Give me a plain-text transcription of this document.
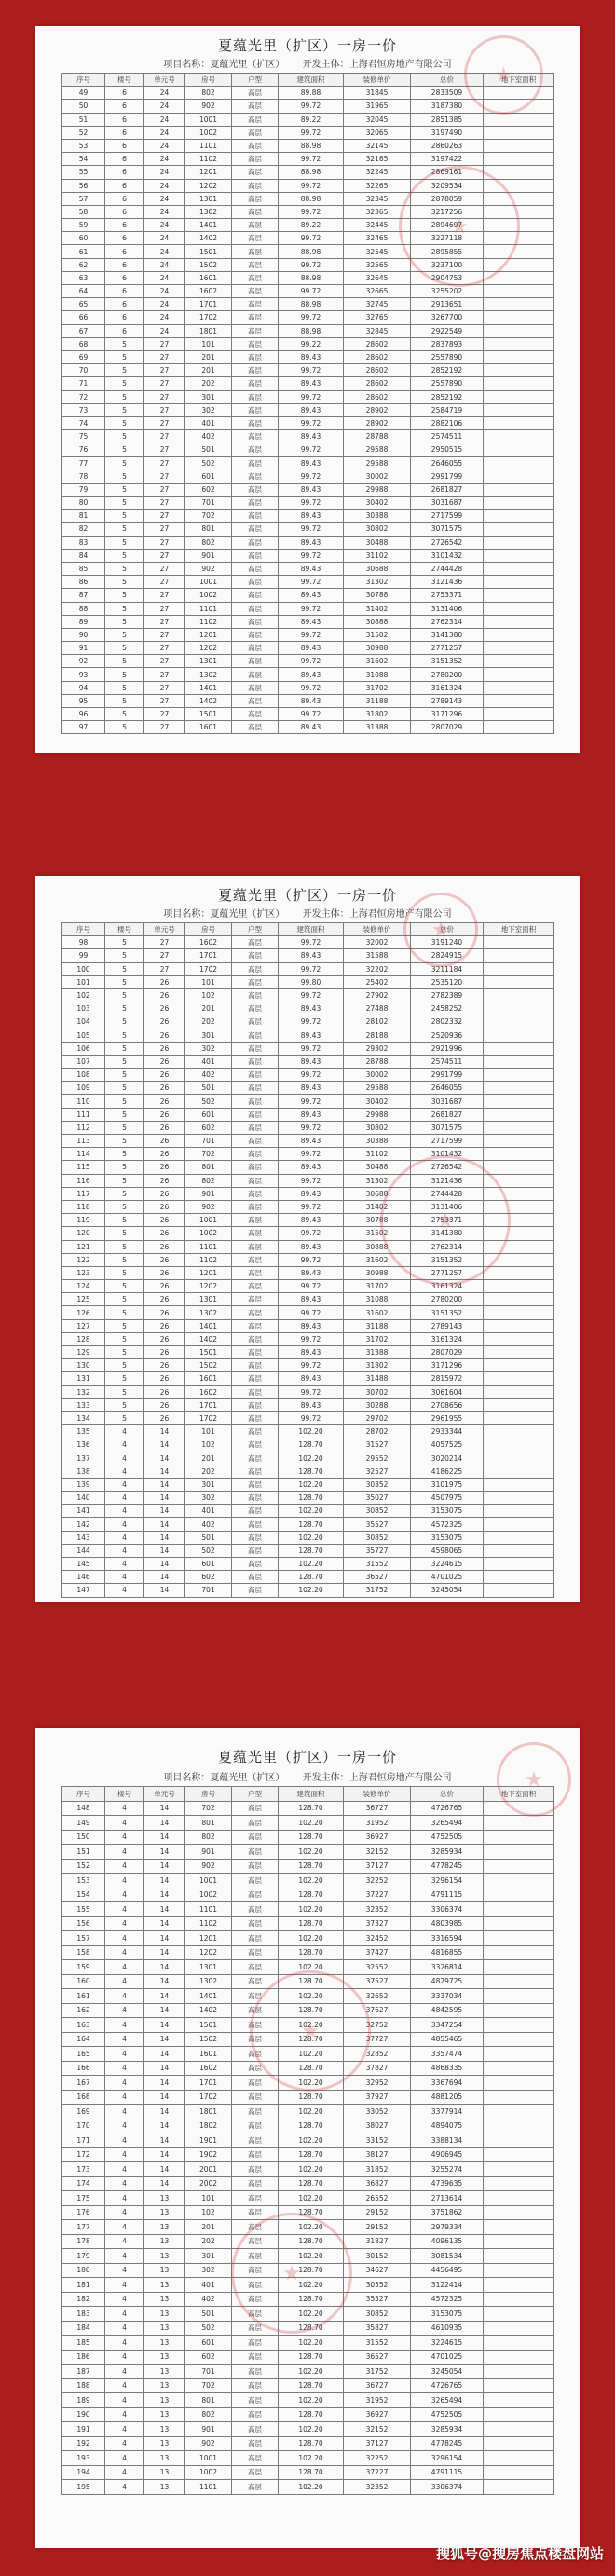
夏蕴光里（扩区）一房一价
项目名称：夏蕴光里（扩区） 开发主体：上海君恒房地产有限公司
序号	楼号	单元号	房号	户型	建筑面积	装修单价	总价	地下室面积
49	6	24	802	高层	89.88	31845	2833509	
50	6	24	902	高层	99.72	31965	3187380	
51	6	24	1001	高层	89.22	32045	2851385	
52	6	24	1002	高层	99.72	32065	3197490	
53	6	24	1101	高层	88.98	32145	2860263	
54	6	24	1102	高层	99.72	32165	3197422	
55	6	24	1201	高层	88.98	32245	2869161	
56	6	24	1202	高层	99.72	32265	3209534	
57	6	24	1301	高层	88.98	32345	2878059	
58	6	24	1302	高层	99.72	32365	3217256	
59	6	24	1401	高层	89.22	32445	2894697	
60	6	24	1402	高层	99.72	32465	3227118	
61	6	24	1501	高层	88.98	32545	2895855	
62	6	24	1502	高层	99.72	32565	3237100	
63	6	24	1601	高层	88.98	32645	2904753	
64	6	24	1602	高层	99.72	32665	3255202	
65	6	24	1701	高层	88.98	32745	2913651	
66	6	24	1702	高层	99.72	32765	3267700	
67	6	24	1801	高层	88.98	32845	2922549	
68	5	27	101	高层	99.22	28602	2837893	
69	5	27	201	高层	89.43	28602	2557890	
70	5	27	201	高层	99.72	28602	2852192	
71	5	27	202	高层	89.43	28602	2557890	
72	5	27	301	高层	99.72	28602	2852192	
73	5	27	302	高层	89.43	28902	2584719	
74	5	27	401	高层	99.72	28902	2882106	
75	5	27	402	高层	89.43	28788	2574511	
76	5	27	501	高层	99.72	29588	2950515	
77	5	27	502	高层	89.43	29588	2646055	
78	5	27	601	高层	99.72	30002	2991799	
79	5	27	602	高层	89.43	29988	2681827	
80	5	27	701	高层	99.72	30402	3031687	
81	5	27	702	高层	89.43	30388	2717599	
82	5	27	801	高层	99.72	30802	3071575	
83	5	27	802	高层	89.43	30488	2726542	
84	5	27	901	高层	99.72	31102	3101432	
85	5	27	902	高层	89.43	30688	2744428	
86	5	27	1001	高层	99.72	31302	3121436	
87	5	27	1002	高层	89.43	30788	2753371	
88	5	27	1101	高层	99.72	31402	3131406	
89	5	27	1102	高层	89.43	30888	2762314	
90	5	27	1201	高层	99.72	31502	3141380	
91	5	27	1202	高层	89.43	30988	2771257	
92	5	27	1301	高层	99.72	31602	3151352	
93	5	27	1302	高层	89.43	31088	2780200	
94	5	27	1401	高层	99.72	31702	3161324	
95	5	27	1402	高层	89.43	31188	2789143	
96	5	27	1501	高层	99.72	31802	3171296	
97	5	27	1601	高层	89.43	31388	2807029	
夏蕴光里（扩区）一房一价
项目名称：夏蕴光里（扩区） 开发主体：上海君恒房地产有限公司
序号	楼号	单元号	房号	户型	建筑面积	装修单价	总价	地下室面积
98	5	27	1602	高层	99.72	32002	3191240	
99	5	27	1701	高层	89.43	31588	2824915	
100	5	27	1702	高层	99.72	32202	3211184	
101	5	26	101	高层	99.80	25402	2535120	
102	5	26	102	高层	99.72	27902	2782389	
103	5	26	201	高层	89.43	27488	2458252	
104	5	26	202	高层	99.72	28102	2802332	
105	5	26	301	高层	89.43	28188	2520936	
106	5	26	302	高层	99.72	29302	2921996	
107	5	26	401	高层	89.43	28788	2574511	
108	5	26	402	高层	99.72	30002	2991799	
109	5	26	501	高层	89.43	29588	2646055	
110	5	26	502	高层	99.72	30402	3031687	
111	5	26	601	高层	89.43	29988	2681827	
112	5	26	602	高层	99.72	30802	3071575	
113	5	26	701	高层	89.43	30388	2717599	
114	5	26	702	高层	99.72	31102	3101432	
115	5	26	801	高层	89.43	30488	2726542	
116	5	26	802	高层	99.72	31302	3121436	
117	5	26	901	高层	89.43	30688	2744428	
118	5	26	902	高层	99.72	31402	3131406	
119	5	26	1001	高层	89.43	30788	2753371	
120	5	26	1002	高层	99.72	31502	3141380	
121	5	26	1101	高层	89.43	30888	2762314	
122	5	26	1102	高层	99.72	31602	3151352	
123	5	26	1201	高层	89.43	30988	2771257	
124	5	26	1202	高层	99.72	31702	3161324	
125	5	26	1301	高层	89.43	31088	2780200	
126	5	26	1302	高层	99.72	31602	3151352	
127	5	26	1401	高层	89.43	31188	2789143	
128	5	26	1402	高层	99.72	31702	3161324	
129	5	26	1501	高层	89.43	31388	2807029	
130	5	26	1502	高层	99.72	31802	3171296	
131	5	26	1601	高层	89.43	31488	2815972	
132	5	26	1602	高层	99.72	30702	3061604	
133	5	26	1701	高层	89.43	30288	2708656	
134	5	26	1702	高层	99.72	29702	2961955	
135	4	14	101	高层	102.20	28702	2933344	
136	4	14	102	高层	128.70	31527	4057525	
137	4	14	201	高层	102.20	29552	3020214	
138	4	14	202	高层	128.70	32527	4186225	
139	4	14	301	高层	102.20	30352	3101975	
140	4	14	302	高层	128.70	35027	4507975	
141	4	14	401	高层	102.20	30852	3153075	
142	4	14	402	高层	128.70	35527	4572325	
143	4	14	501	高层	102.20	30852	3153075	
144	4	14	502	高层	128.70	35727	4598065	
145	4	14	601	高层	102.20	31552	3224615	
146	4	14	602	高层	128.70	36527	4701025	
147	4	14	701	高层	102.20	31752	3245054	
夏蕴光里（扩区）一房一价
项目名称：夏蕴光里（扩区） 开发主体：上海君恒房地产有限公司
序号	楼号	单元号	房号	户型	建筑面积	装修单价	总价	地下室面积
148	4	14	702	高层	128.70	36727	4726765	
149	4	14	801	高层	102.20	31952	3265494	
150	4	14	802	高层	128.70	36927	4752505	
151	4	14	901	高层	102.20	32152	3285934	
152	4	14	902	高层	128.70	37127	4778245	
153	4	14	1001	高层	102.20	32252	3296154	
154	4	14	1002	高层	128.70	37227	4791115	
155	4	14	1101	高层	102.20	32352	3306374	
156	4	14	1102	高层	128.70	37327	4803985	
157	4	14	1201	高层	102.20	32452	3316594	
158	4	14	1202	高层	128.70	37427	4816855	
159	4	14	1301	高层	102.20	32552	3326814	
160	4	14	1302	高层	128.70	37527	4829725	
161	4	14	1401	高层	102.20	32652	3337034	
162	4	14	1402	高层	128.70	37627	4842595	
163	4	14	1501	高层	102.20	32752	3347254	
164	4	14	1502	高层	128.70	37727	4855465	
165	4	14	1601	高层	102.20	32852	3357474	
166	4	14	1602	高层	128.70	37827	4868335	
167	4	14	1701	高层	102.20	32952	3367694	
168	4	14	1702	高层	128.70	37927	4881205	
169	4	14	1801	高层	102.20	33052	3377914	
170	4	14	1802	高层	128.70	38027	4894075	
171	4	14	1901	高层	102.20	33152	3388134	
172	4	14	1902	高层	128.70	38127	4906945	
173	4	14	2001	高层	102.20	31852	3255274	
174	4	14	2002	高层	128.70	36827	4739635	
175	4	13	101	高层	102.20	26552	2713614	
176	4	13	102	高层	128.70	29152	3751862	
177	4	13	201	高层	102.20	29152	2979334	
178	4	13	202	高层	128.70	31827	4096135	
179	4	13	301	高层	102.20	30152	3081534	
180	4	13	302	高层	128.70	34627	4456495	
181	4	13	401	高层	102.20	30552	3122414	
182	4	13	402	高层	128.70	35527	4572325	
183	4	13	501	高层	102.20	30852	3153075	
184	4	13	502	高层	128.70	35827	4610935	
185	4	13	601	高层	102.20	31552	3224615	
186	4	13	602	高层	128.70	36527	4701025	
187	4	13	701	高层	102.20	31752	3245054	
188	4	13	702	高层	128.70	36727	4726765	
189	4	13	801	高层	102.20	31952	3265494	
190	4	13	802	高层	128.70	36927	4752505	
191	4	13	901	高层	102.20	32152	3285934	
192	4	13	902	高层	128.70	37127	4778245	
193	4	13	1001	高层	102.20	32252	3296154	
194	4	13	1002	高层	128.70	37227	4791115	
195	4	13	1101	高层	102.20	32352	3306374	
搜狐号@搜房焦点楼盘网站
